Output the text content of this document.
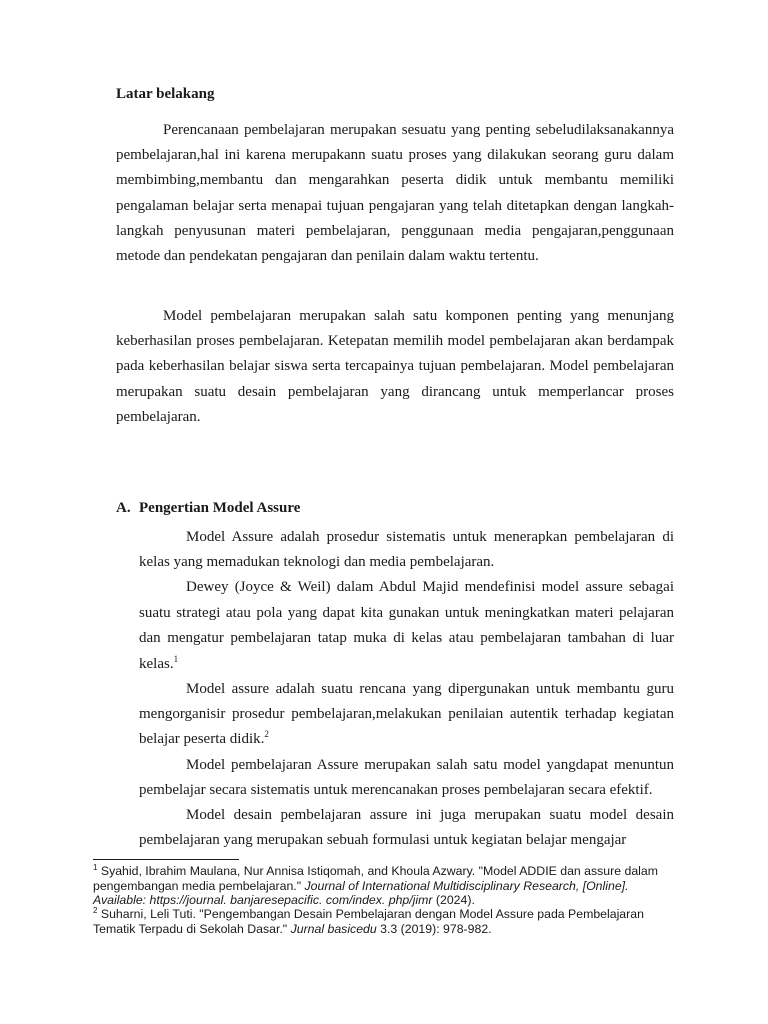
Latar belakang

Perencanaan pembelajaran merupakan sesuatu yang penting sebeludilaksanakannya pembelajaran,hal ini karena merupakann suatu proses yang dilakukan seorang guru dalam membimbing,membantu dan mengarahkan peserta didik untuk membantu memiliki pengalaman belajar serta menapai tujuan pengajaran yang telah ditetapkan dengan langkah-langkah penyusunan materi pembelajaran, penggunaan media pengajaran,penggunaan metode dan pendekatan pengajaran dan penilain dalam waktu tertentu.

Model pembelajaran merupakan salah satu komponen penting yang menunjang keberhasilan proses pembelajaran. Ketepatan memilih model pembelajaran akan berdampak pada keberhasilan belajar siswa serta tercapainya tujuan pembelajaran. Model pembelajaran merupakan suatu desain pembelajaran yang dirancang untuk memperlancar proses pembelajaran.

A. Pengertian Model Assure

Model Assure adalah prosedur sistematis untuk menerapkan pembelajaran di kelas yang memadukan teknologi dan media pembelajaran.

Dewey (Joyce & Weil) dalam Abdul Majid mendefinisi model assure sebagai suatu strategi atau pola yang dapat kita gunakan untuk meningkatkan materi pelajaran dan mengatur pembelajaran tatap muka di kelas atau pembelajaran tambahan di luar kelas.$^1$

Model assure adalah suatu rencana yang dipergunakan untuk membantu guru mengorganisir prosedur pembelajaran,melakukan penilaian autentik terhadap kegiatan belajar peserta didik.$^2$

Model pembelajaran Assure merupakan salah satu model yangdapat menuntun pembelajar secara sistematis untuk merencanakan proses pembelajaran secara efektif.

Model desain pembelajaran assure ini juga merupakan suatu model desain pembelajaran yang merupakan sebuah formulasi untuk kegiatan belajar mengajar

$^1$ Syahid, Ibrahim Maulana, Nur Annisa Istiqomah, and Khoula Azwary. "Model ADDIE dan assure dalam pengembangan media pembelajaran." Journal of International Multidisciplinary Research, [Online]. Available: https://journal. banjaresepacific. com/index. php/jimr (2024).

$^2$ Suharni, Leli Tuti. "Pengembangan Desain Pembelajaran dengan Model Assure pada Pembelajaran Tematik Terpadu di Sekolah Dasar." Jurnal basicedu 3.3 (2019): 978-982.
